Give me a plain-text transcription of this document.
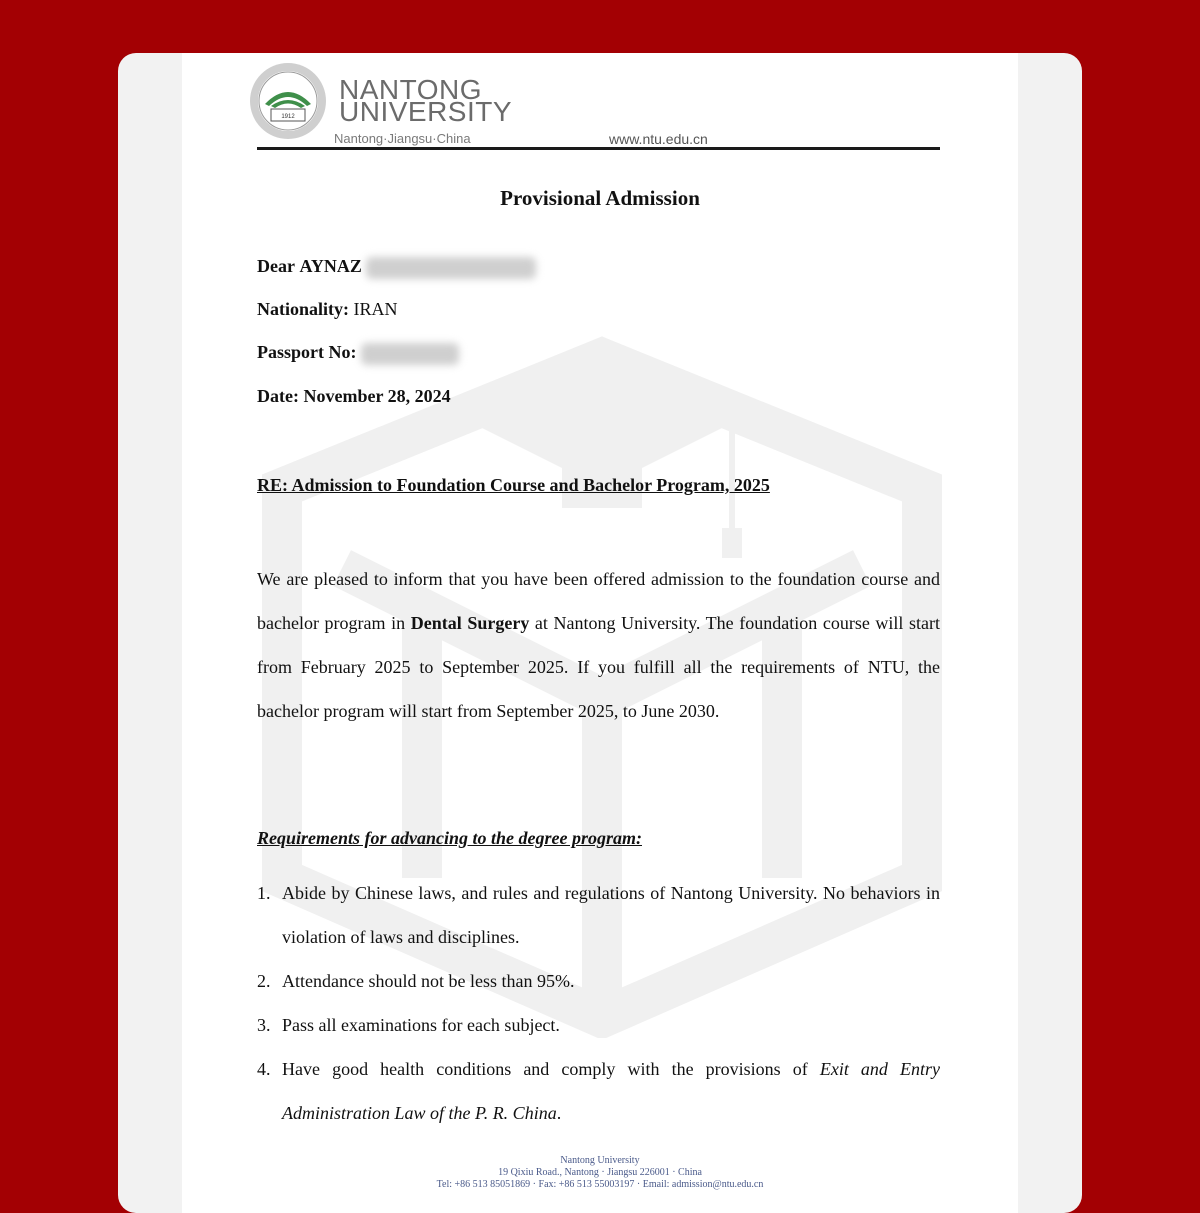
1912
NANTONG
UNIVERSITY
Nantong·Jiangsu·China	www.ntu.edu.cn
Provisional Admission
Dear AYNAZ
Nationality: IRAN
Passport No:
Date: November 28, 2024
RE: Admission to Foundation Course and Bachelor Program, 2025
We are pleased to inform that you have been offered admission to the foundation course and bachelor program in Dental Surgery at Nantong University. The foundation course will start from February 2025 to September 2025. If you fulfill all the requirements of NTU, the bachelor program will start from September 2025, to June 2030.
Requirements for advancing to the degree program:
1. Abide by Chinese laws, and rules and regulations of Nantong University. No behaviors in violation of laws and disciplines.
2. Attendance should not be less than 95%.
3. Pass all examinations for each subject.
4. Have good health conditions and comply with the provisions of Exit and Entry Administration Law of the P. R. China.
Nantong University
19 Qixiu Road., Nantong · Jiangsu 226001 · China
Tel: +86 513 85051869 · Fax: +86 513 55003197 · Email: admission@ntu.edu.cn
